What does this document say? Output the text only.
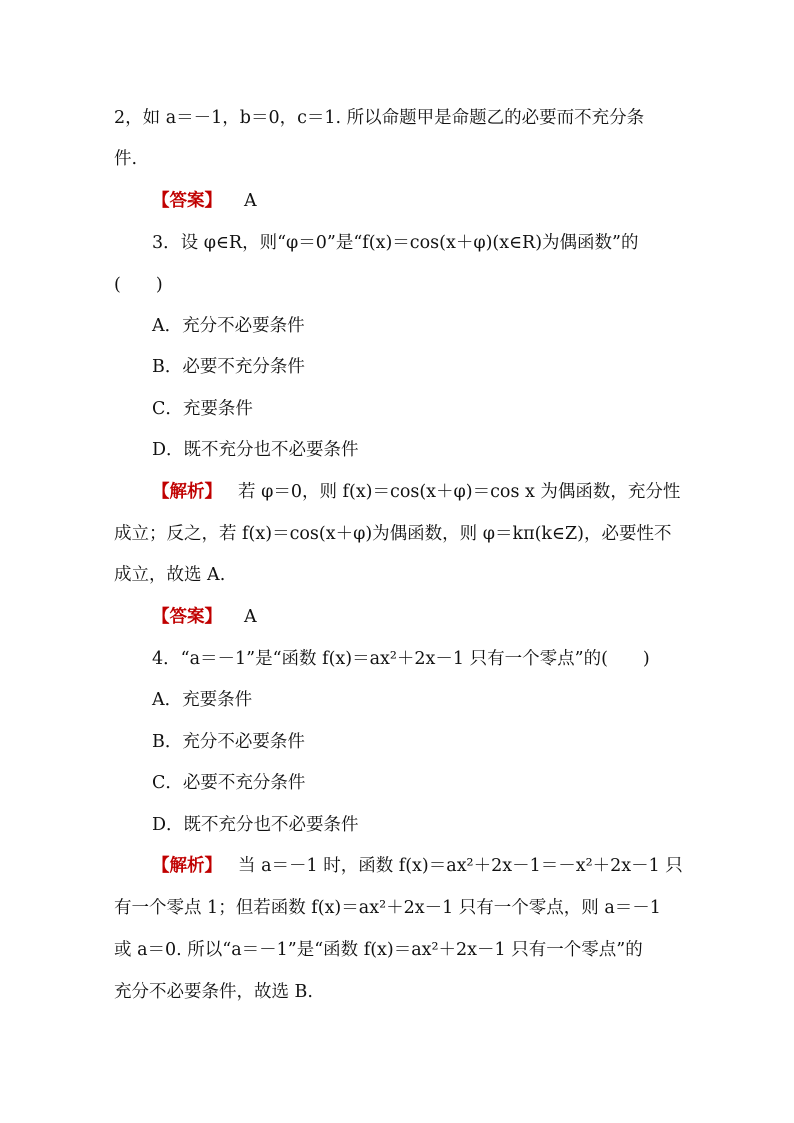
2，如 a＝－1，b＝0，c＝1. 所以命题甲是命题乙的必要而不充分条
件.
【答案】 A
3．设 φ∈R，则“φ＝0”是“f(x)＝cos(x＋φ)(x∈R)为偶函数”的
(　　)
A．充分不必要条件
B．必要不充分条件
C．充要条件
D．既不充分也不必要条件
【解析】 若 φ＝0，则 f(x)＝cos(x＋φ)＝cos x 为偶函数，充分性
成立；反之，若 f(x)＝cos(x＋φ)为偶函数，则 φ＝kπ(k∈Z)，必要性不
成立，故选 A.
【答案】 A
4．“a＝－1”是“函数 f(x)＝ax²＋2x－1 只有一个零点”的(　　)
A．充要条件
B．充分不必要条件
C．必要不充分条件
D．既不充分也不必要条件
【解析】 当 a＝－1 时，函数 f(x)＝ax²＋2x－1＝－x²＋2x－1 只
有一个零点 1；但若函数 f(x)＝ax²＋2x－1 只有一个零点，则 a＝－1
或 a＝0. 所以“a＝－1”是“函数 f(x)＝ax²＋2x－1 只有一个零点”的
充分不必要条件，故选 B.
